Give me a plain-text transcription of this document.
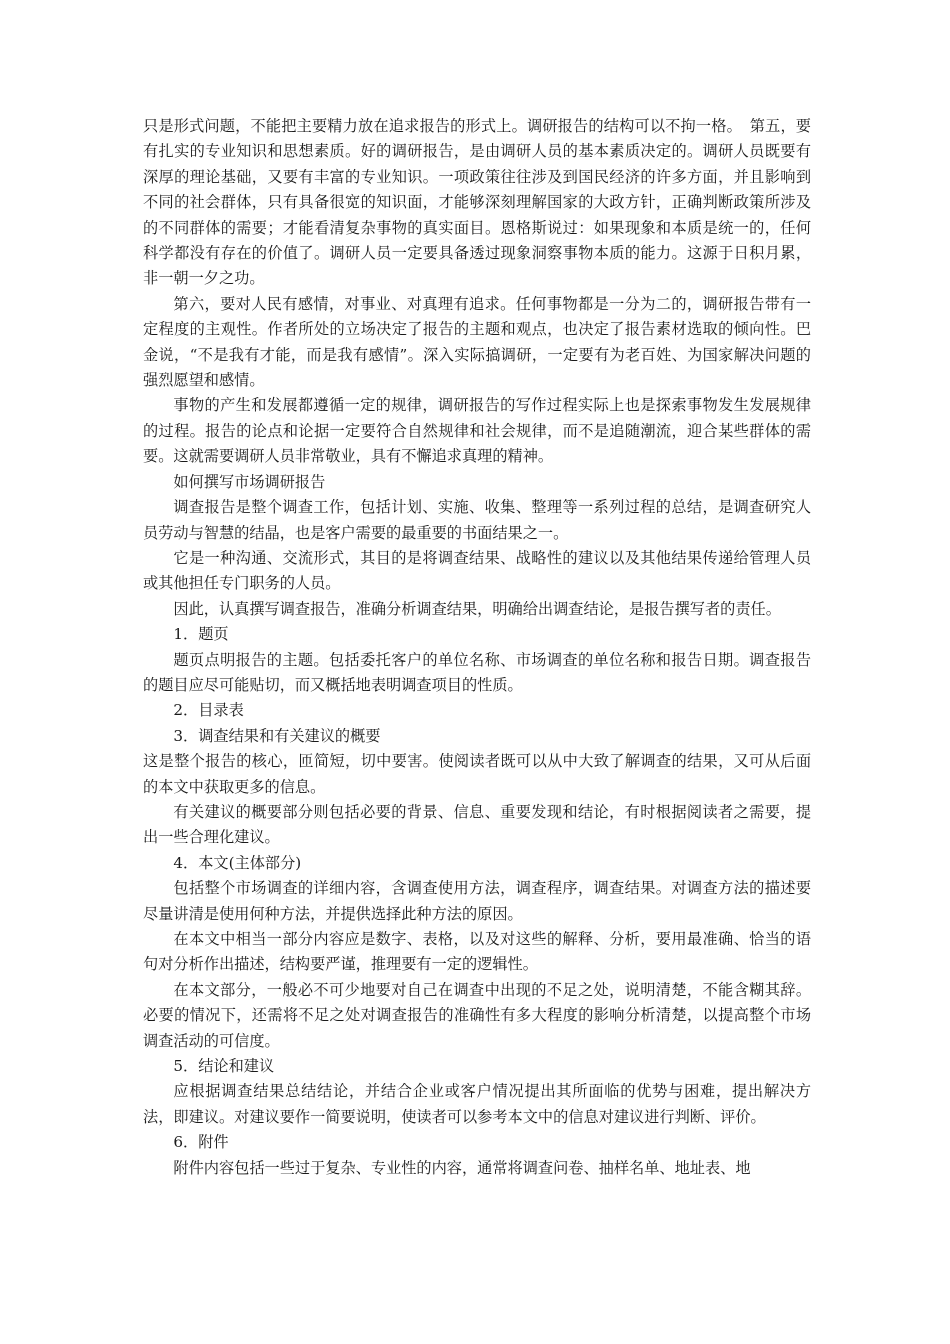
只是形式问题，不能把主要精力放在追求报告的形式上。调研报告的结构可以不拘一格。　第五，要有扎实的专业知识和思想素质。好的调研报告，是由调研人员的基本素质决定的。调研人员既要有深厚的理论基础，又要有丰富的专业知识。一项政策往往涉及到国民经济的许多方面，并且影响到不同的社会群体，只有具备很宽的知识面，才能够深刻理解国家的大政方针，正确判断政策所涉及的不同群体的需要；才能看清复杂事物的真实面目。恩格斯说过：如果现象和本质是统一的，任何科学都没有存在的价值了。调研人员一定要具备透过现象洞察事物本质的能力。这源于日积月累，非一朝一夕之功。

第六，要对人民有感情，对事业、对真理有追求。任何事物都是一分为二的，调研报告带有一定程度的主观性。作者所处的立场决定了报告的主题和观点，也决定了报告素材选取的倾向性。巴金说，“不是我有才能，而是我有感情”。深入实际搞调研，一定要有为老百姓、为国家解决问题的强烈愿望和感情。

事物的产生和发展都遵循一定的规律，调研报告的写作过程实际上也是探索事物发生发展规律的过程。报告的论点和论据一定要符合自然规律和社会规律，而不是追随潮流，迎合某些群体的需要。这就需要调研人员非常敬业，具有不懈追求真理的精神。

如何撰写市场调研报告

调查报告是整个调查工作，包括计划、实施、收集、整理等一系列过程的总结，是调查研究人员劳动与智慧的结晶，也是客户需要的最重要的书面结果之一。

它是一种沟通、交流形式，其目的是将调查结果、战略性的建议以及其他结果传递给管理人员或其他担任专门职务的人员。

因此，认真撰写调查报告，准确分析调查结果，明确给出调查结论，是报告撰写者的责任。

1．题页

题页点明报告的主题。包括委托客户的单位名称、市场调查的单位名称和报告日期。调查报告的题目应尽可能贴切，而又概括地表明调查项目的性质。

2．目录表

3．调查结果和有关建议的概要

这是整个报告的核心，匝简短，切中要害。使阅读者既可以从中大致了解调查的结果，又可从后面的本文中获取更多的信息。

有关建议的概要部分则包括必要的背景、信息、重要发现和结论，有时根据阅读者之需要，提出一些合理化建议。

4．本文(主体部分)

包括整个市场调查的详细内容，含调查使用方法，调查程序，调查结果。对调查方法的描述要尽量讲清是使用何种方法，并提供选择此种方法的原因。

在本文中相当一部分内容应是数字、表格，以及对这些的解释、分析，要用最准确、恰当的语句对分析作出描述，结构要严谨，推理要有一定的逻辑性。

在本文部分，一般必不可少地要对自己在调查中出现的不足之处，说明清楚，不能含糊其辞。必要的情况下，还需将不足之处对调查报告的准确性有多大程度的影响分析清楚，以提高整个市场调查活动的可信度。

5．结论和建议

应根据调查结果总结结论，并结合企业或客户情况提出其所面临的优势与困难，提出解决方法，即建议。对建议要作一简要说明，使读者可以参考本文中的信息对建议进行判断、评价。

6．附件

附件内容包括一些过于复杂、专业性的内容，通常将调查问卷、抽样名单、地址表、地
